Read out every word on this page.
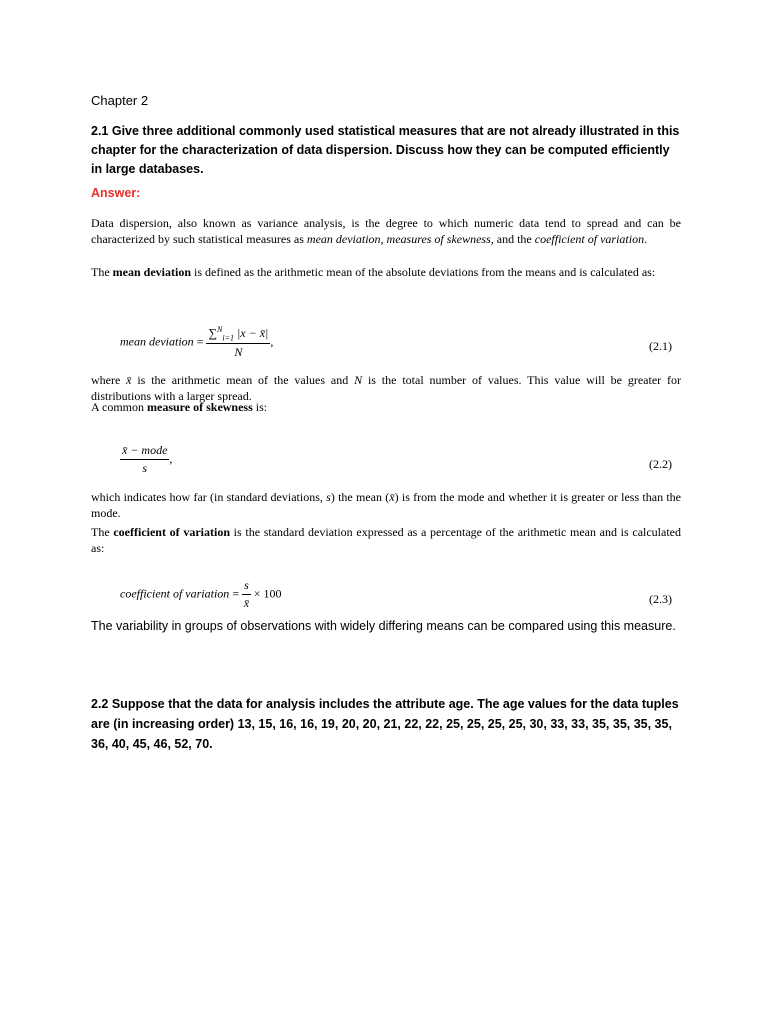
Chapter 2
2.1 Give three additional commonly used statistical measures that are not already illustrated in this chapter for the characterization of data dispersion. Discuss how they can be computed efficiently in large databases.
Answer:
Data dispersion, also known as variance analysis, is the degree to which numeric data tend to spread and can be characterized by such statistical measures as mean deviation, measures of skewness, and the coefficient of variation.
The mean deviation is defined as the arithmetic mean of the absolute deviations from the means and is calculated as:
mean deviation = $\frac{\sum^N_{i=1} |x - x̄|}{N}$ ,	(2.1)
where x̄ is the arithmetic mean of the values and N is the total number of values. This value will be greater for distributions with a larger spread.
A common measure of skewness is:
$\frac{\text{x̄ − mode}}{s}$ ,	(2.2)
which indicates how far (in standard deviations, s) the mean (x̄) is from the mode and whether it is greater or less than the mode.
The coefficient of variation is the standard deviation expressed as a percentage of the arithmetic mean and is calculated as:
coefficient of variation = $\frac{s}{x̄} \times 100$	(2.3)
The variability in groups of observations with widely differing means can be compared using this measure.
2.2 Suppose that the data for analysis includes the attribute age. The age values for the data tuples are (in increasing order) 13, 15, 16, 16, 19, 20, 20, 21, 22, 22, 25, 25, 25, 25, 30, 33, 33, 35, 35, 35, 35, 36, 40, 45, 46, 52, 70.
